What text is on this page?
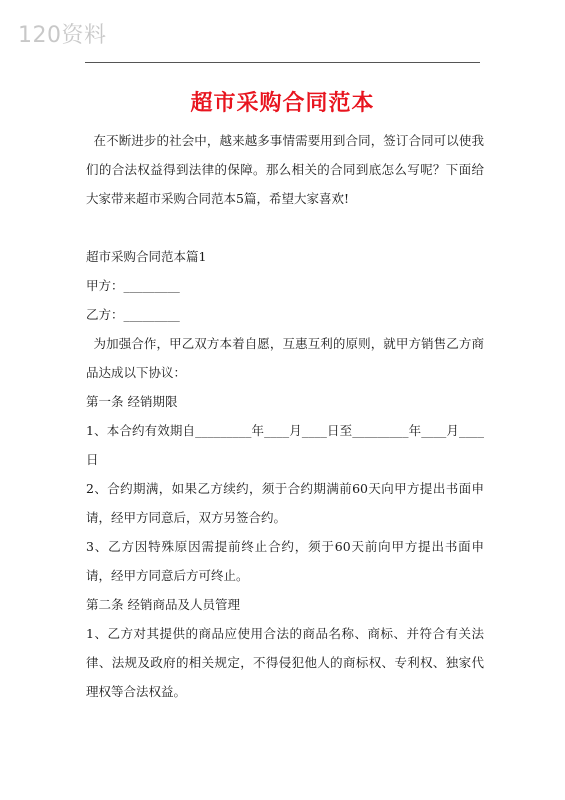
120资料
超市采购合同范本

在不断进步的社会中，越来越多事情需要用到合同，签订合同可以使我们的合法权益得到法律的保障。那么相关的合同到底怎么写呢？下面给大家带来超市采购合同范本5篇，希望大家喜欢!

超市采购合同范本篇1

甲方：_________

乙方：_________

为加强合作，甲乙双方本着自愿，互惠互利的原则，就甲方销售乙方商品达成以下协议：

第一条 经销期限

1、本合约有效期自_________年____月____日至_________年____月____日

2、合约期满，如果乙方续约，须于合约期满前60天向甲方提出书面申请，经甲方同意后，双方另签合约。

3、乙方因特殊原因需提前终止合约，须于60天前向甲方提出书面申请，经甲方同意后方可终止。

第二条 经销商品及人员管理

1、乙方对其提供的商品应使用合法的商品名称、商标、并符合有关法律、法规及政府的相关规定，不得侵犯他人的商标权、专利权、独家代理权等合法权益。
